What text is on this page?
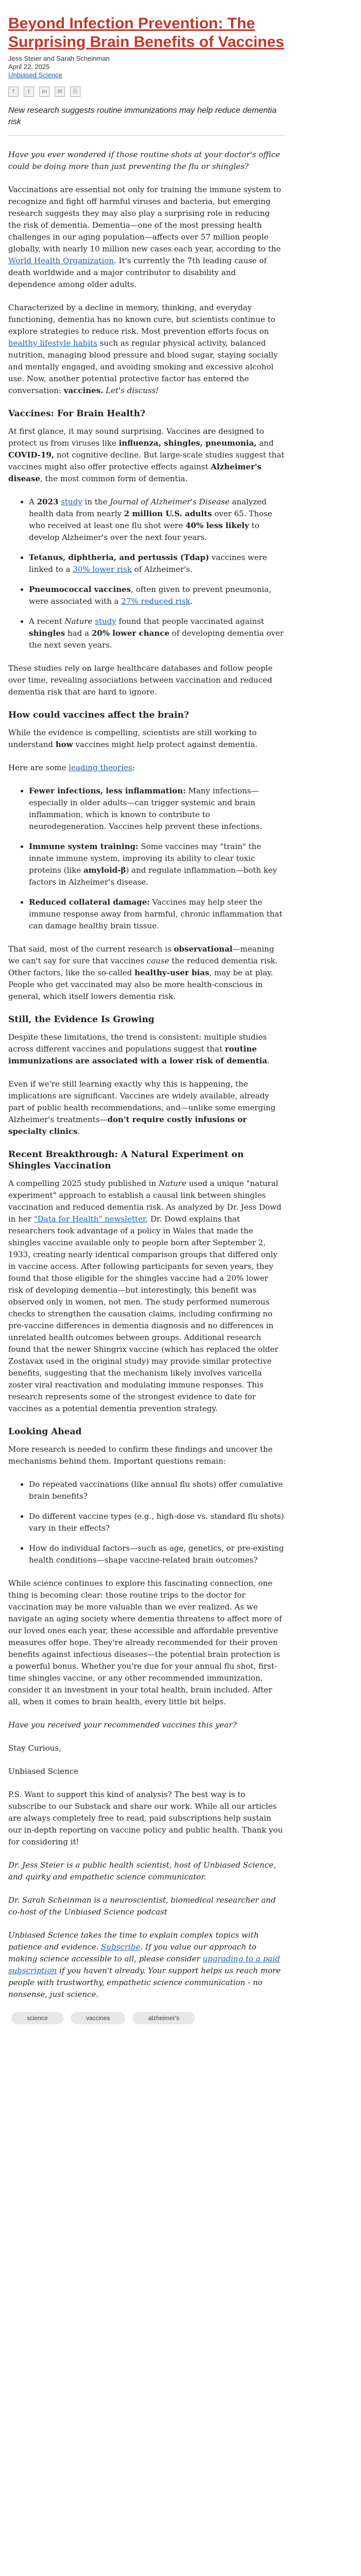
Beyond Infection Prevention: The Surprising Brain Benefits of Vaccines
Jess Steier and Sarah Scheinman
April 22, 2025
Unbiased Science
f	t	in	✉	⎘
New research suggests routine immunizations may help reduce dementia risk

Have you ever wondered if those routine shots at your doctor's office could be doing more than just preventing the flu or shingles?

Vaccinations are essential not only for training the immune system to recognize and fight off harmful viruses and bacteria, but emerging research suggests they may also play a surprising role in reducing the risk of dementia. Dementia—one of the most pressing health challenges in our aging population—affects over 57 million people globally, with nearly 10 million new cases each year, according to the World Health Organization. It's currently the 7th leading cause of death worldwide and a major contributor to disability and dependence among older adults.

Characterized by a decline in memory, thinking, and everyday functioning, dementia has no known cure, but scientists continue to explore strategies to reduce risk. Most prevention efforts focus on healthy lifestyle habits such as regular physical activity, balanced nutrition, managing blood pressure and blood sugar, staying socially and mentally engaged, and avoiding smoking and excessive alcohol use. Now, another potential protective factor has entered the conversation: vaccines. Let's discuss!

Vaccines: For Brain Health?

At first glance, it may sound surprising. Vaccines are designed to protect us from viruses like influenza, shingles, pneumonia, and COVID-19, not cognitive decline. But large-scale studies suggest that vaccines might also offer protective effects against Alzheimer's disease, the most common form of dementia.

• A 2023 study in the Journal of Alzheimer's Disease analyzed health data from nearly 2 million U.S. adults over 65. Those who received at least one flu shot were 40% less likely to develop Alzheimer's over the next four years.
• Tetanus, diphtheria, and pertussis (Tdap) vaccines were linked to a 30% lower risk of Alzheimer's.
• Pneumococcal vaccines, often given to prevent pneumonia, were associated with a 27% reduced risk.
• A recent Nature study found that people vaccinated against shingles had a 20% lower chance of developing dementia over the next seven years.

These studies rely on large healthcare databases and follow people over time, revealing associations between vaccination and reduced dementia risk that are hard to ignore.

How could vaccines affect the brain?

While the evidence is compelling, scientists are still working to understand how vaccines might help protect against dementia.

Here are some leading theories:

• Fewer infections, less inflammation: Many infections—especially in older adults—can trigger systemic and brain inflammation, which is known to contribute to neurodegeneration. Vaccines help prevent these infections.
• Immune system training: Some vaccines may "train" the innate immune system, improving its ability to clear toxic proteins (like amyloid-β) and regulate inflammation—both key factors in Alzheimer's disease.
• Reduced collateral damage: Vaccines may help steer the immune response away from harmful, chronic inflammation that can damage healthy brain tissue.

That said, most of the current research is observational—meaning we can't say for sure that vaccines cause the reduced dementia risk. Other factors, like the so-called healthy-user bias, may be at play. People who get vaccinated may also be more health-conscious in general, which itself lowers dementia risk.

Still, the Evidence Is Growing

Despite these limitations, the trend is consistent: multiple studies across different vaccines and populations suggest that routine immunizations are associated with a lower risk of dementia.

Even if we're still learning exactly why this is happening, the implications are significant. Vaccines are widely available, already part of public health recommendations, and—unlike some emerging Alzheimer's treatments—don't require costly infusions or specialty clinics.

Recent Breakthrough: A Natural Experiment on Shingles Vaccination

A compelling 2025 study published in Nature used a unique "natural experiment" approach to establish a causal link between shingles vaccination and reduced dementia risk. As analyzed by Dr. Jess Dowd in her "Data for Health" newsletter, Dr. Dowd explains that researchers took advantage of a policy in Wales that made the shingles vaccine available only to people born after September 2, 1933, creating nearly identical comparison groups that differed only in vaccine access. After following participants for seven years, they found that those eligible for the shingles vaccine had a 20% lower risk of developing dementia—but interestingly, this benefit was observed only in women, not men. The study performed numerous checks to strengthen the causation claims, including confirming no pre-vaccine differences in dementia diagnosis and no differences in unrelated health outcomes between groups. Additional research found that the newer Shingrix vaccine (which has replaced the older Zostavax used in the original study) may provide similar protective benefits, suggesting that the mechanism likely involves varicella zoster viral reactivation and modulating immune responses. This research represents some of the strongest evidence to date for vaccines as a potential dementia prevention strategy.

Looking Ahead

More research is needed to confirm these findings and uncover the mechanisms behind them. Important questions remain:

• Do repeated vaccinations (like annual flu shots) offer cumulative brain benefits?
• Do different vaccine types (e.g., high-dose vs. standard flu shots) vary in their effects?
• How do individual factors—such as age, genetics, or pre-existing health conditions—shape vaccine-related brain outcomes?

While science continues to explore this fascinating connection, one thing is becoming clear: those routine trips to the doctor for vaccination may be more valuable than we ever realized. As we navigate an aging society where dementia threatens to affect more of our loved ones each year, these accessible and affordable preventive measures offer hope. They're already recommended for their proven benefits against infectious diseases—the potential brain protection is a powerful bonus. Whether you're due for your annual flu shot, first-time shingles vaccine, or any other recommended immunization, consider it an investment in your total health, brain included. After all, when it comes to brain health, every little bit helps.

Have you received your recommended vaccines this year?

Stay Curious,

Unbiased Science

P.S. Want to support this kind of analysis? The best way is to subscribe to our Substack and share our work. While all our articles are always completely free to read, paid subscriptions help sustain our in-depth reporting on vaccine policy and public health. Thank you for considering it!

Dr. Jess Steier is a public health scientist, host of Unbiased Science, and quirky and empathetic science communicator.

Dr. Sarah Scheinman is a neuroscientist, biomedical researcher and co-host of the Unbiased Science podcast

Unbiased Science takes the time to explain complex topics with patience and evidence. Subscribe. If you value our approach to making science accessible to all, please consider upgrading to a paid subscription if you haven't already. Your support helps us reach more people with trustworthy, empathetic science communication - no nonsense, just science.

science	vaccines	alzheimer's
